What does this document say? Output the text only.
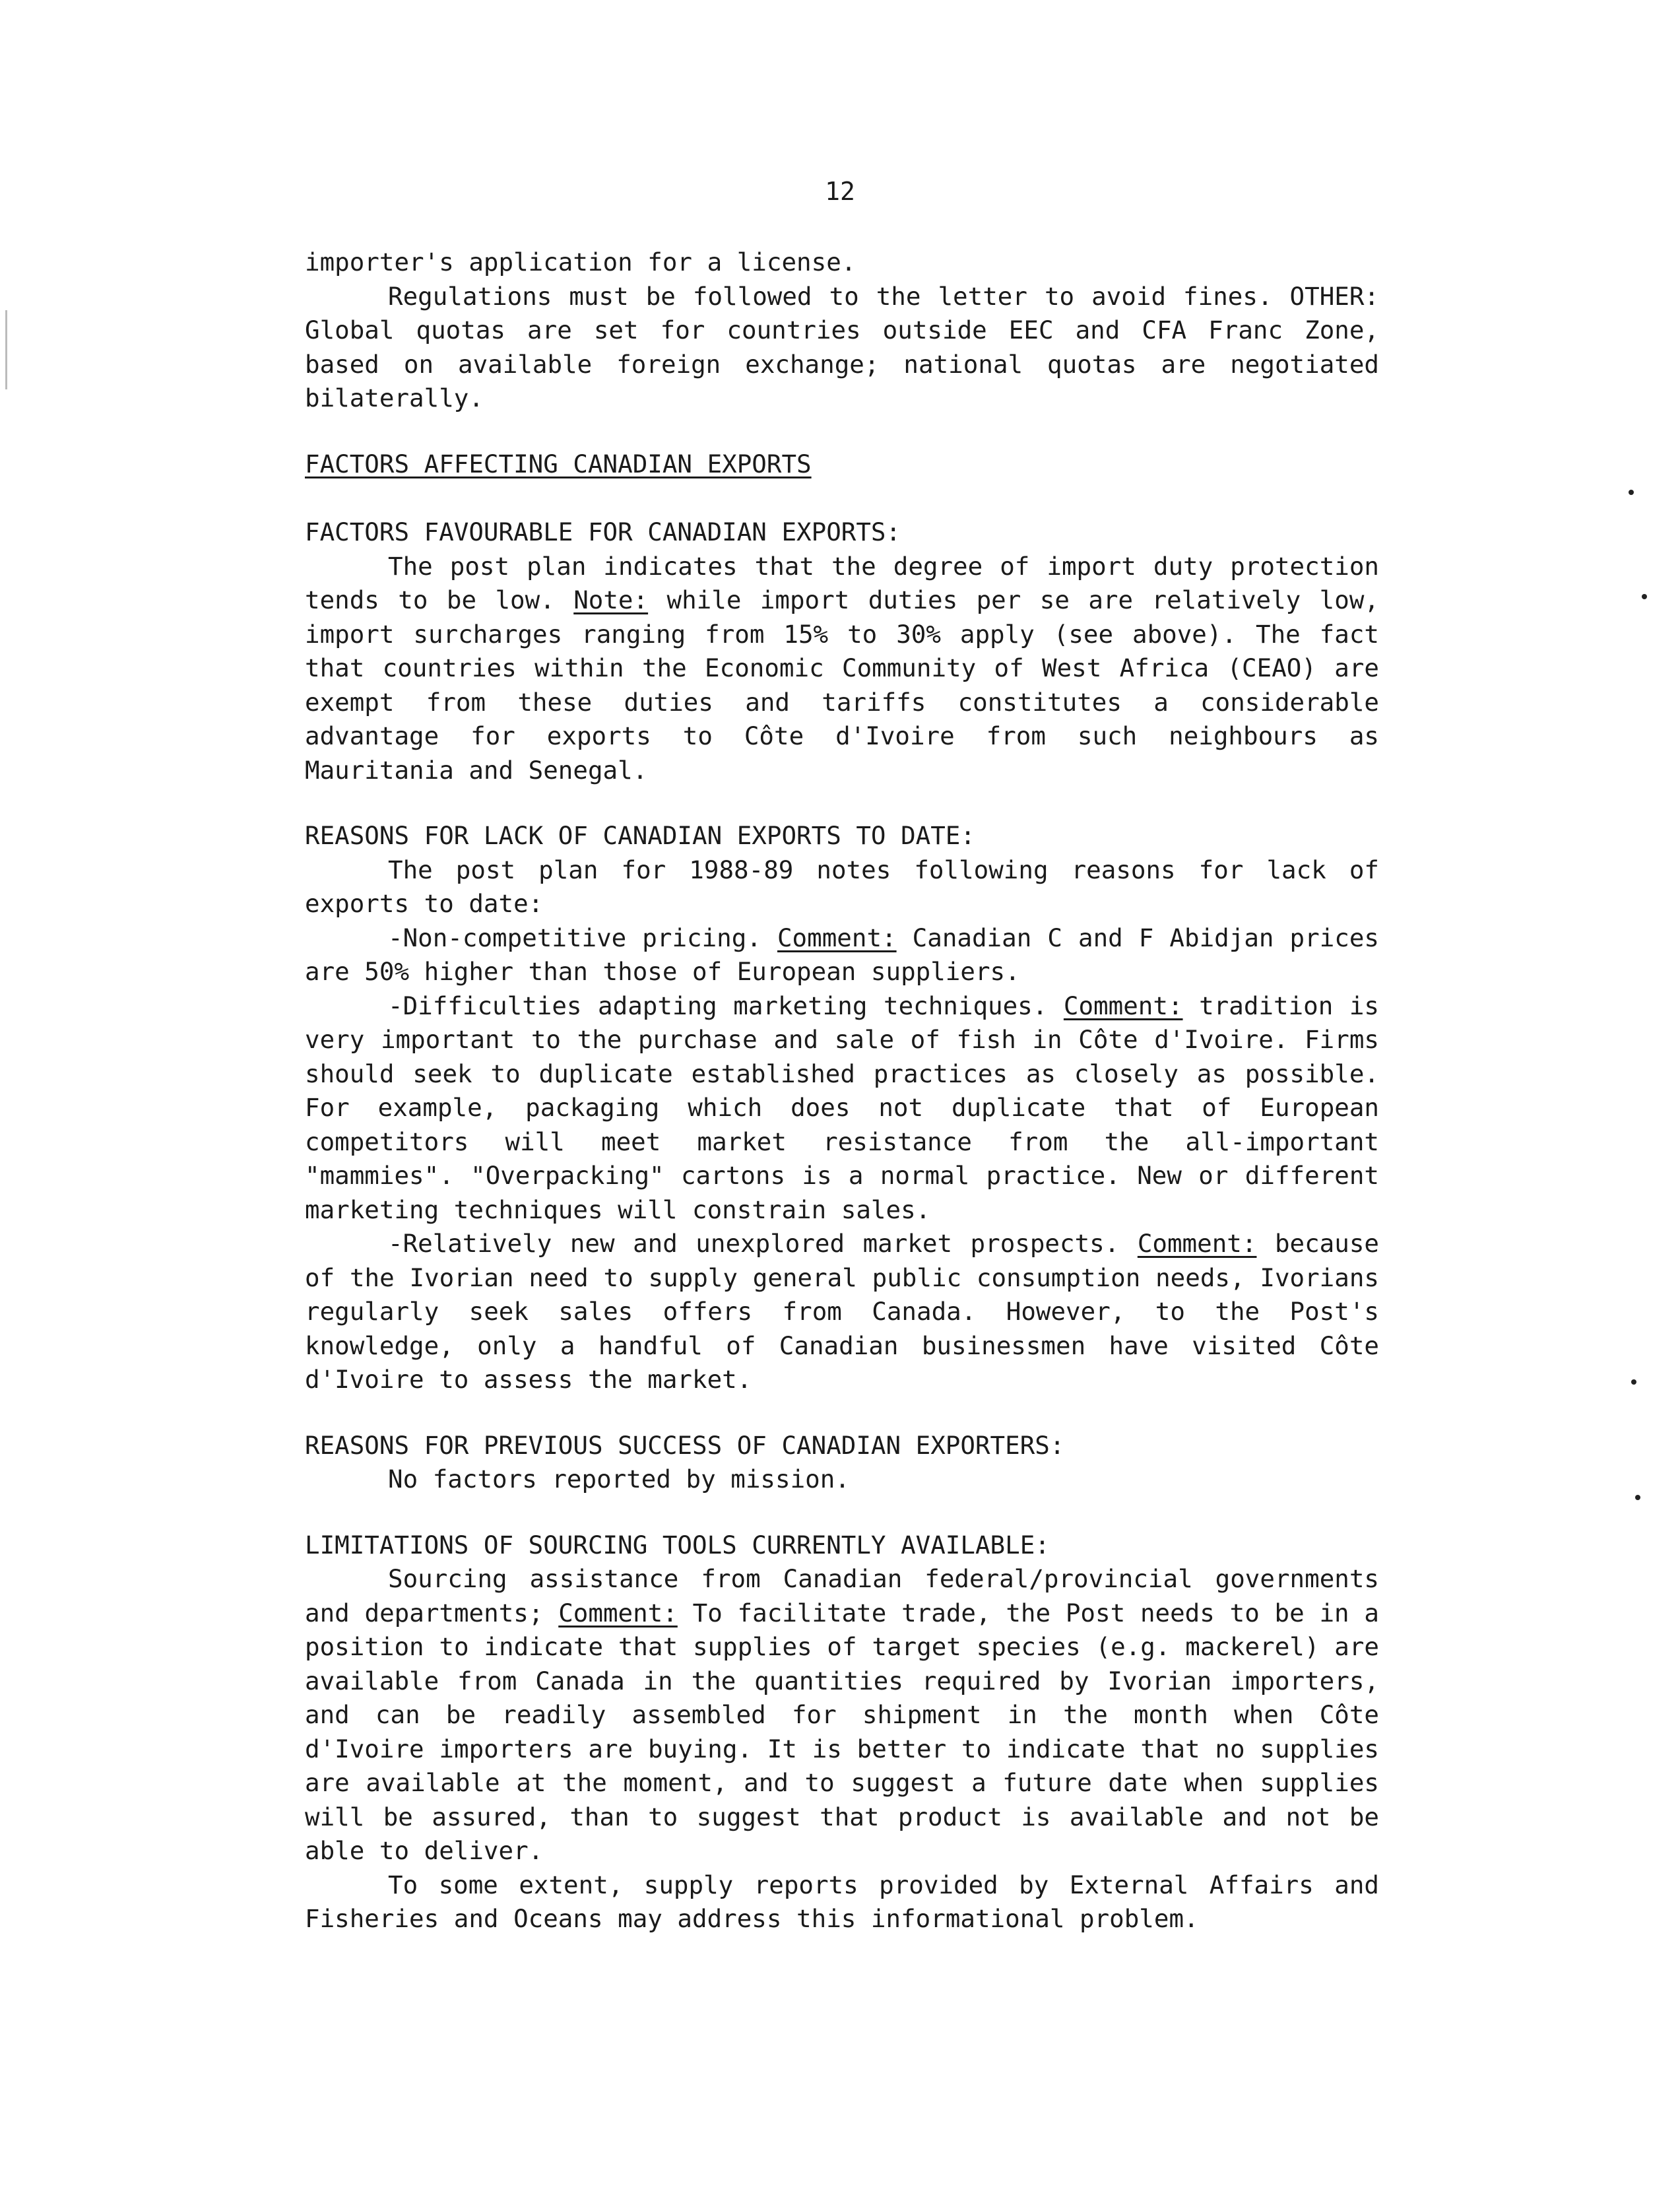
12

importer's application for a license.

Regulations must be followed to the letter to avoid fines. OTHER: Global quotas are set for countries outside EEC and CFA Franc Zone, based on available foreign exchange; national quotas are negotiated bilaterally.

FACTORS AFFECTING CANADIAN EXPORTS

FACTORS FAVOURABLE FOR CANADIAN EXPORTS:

The post plan indicates that the degree of import duty protection tends to be low. Note: while import duties per se are relatively low, import surcharges ranging from 15% to 30% apply (see above). The fact that countries within the Economic Community of West Africa (CEAO) are exempt from these duties and tariffs constitutes a considerable advantage for exports to Côte d'Ivoire from such neighbours as Mauritania and Senegal.

REASONS FOR LACK OF CANADIAN EXPORTS TO DATE:

The post plan for 1988-89 notes following reasons for lack of exports to date:

-Non-competitive pricing. Comment: Canadian C and F Abidjan prices are 50% higher than those of European suppliers.

-Difficulties adapting marketing techniques. Comment: tradition is very important to the purchase and sale of fish in Côte d'Ivoire. Firms should seek to duplicate established practices as closely as possible. For example, packaging which does not duplicate that of European competitors will meet market resistance from the all-important "mammies". "Overpacking" cartons is a normal practice. New or different marketing techniques will constrain sales.

-Relatively new and unexplored market prospects. Comment: because of the Ivorian need to supply general public consumption needs, Ivorians regularly seek sales offers from Canada. However, to the Post's knowledge, only a handful of Canadian businessmen have visited Côte d'Ivoire to assess the market.

REASONS FOR PREVIOUS SUCCESS OF CANADIAN EXPORTERS:

No factors reported by mission.

LIMITATIONS OF SOURCING TOOLS CURRENTLY AVAILABLE:

Sourcing assistance from Canadian federal/provincial governments and departments; Comment: To facilitate trade, the Post needs to be in a position to indicate that supplies of target species (e.g. mackerel) are available from Canada in the quantities required by Ivorian importers, and can be readily assembled for shipment in the month when Côte d'Ivoire importers are buying. It is better to indicate that no supplies are available at the moment, and to suggest a future date when supplies will be assured, than to suggest that product is available and not be able to deliver.

To some extent, supply reports provided by External Affairs and Fisheries and Oceans may address this informational problem.
